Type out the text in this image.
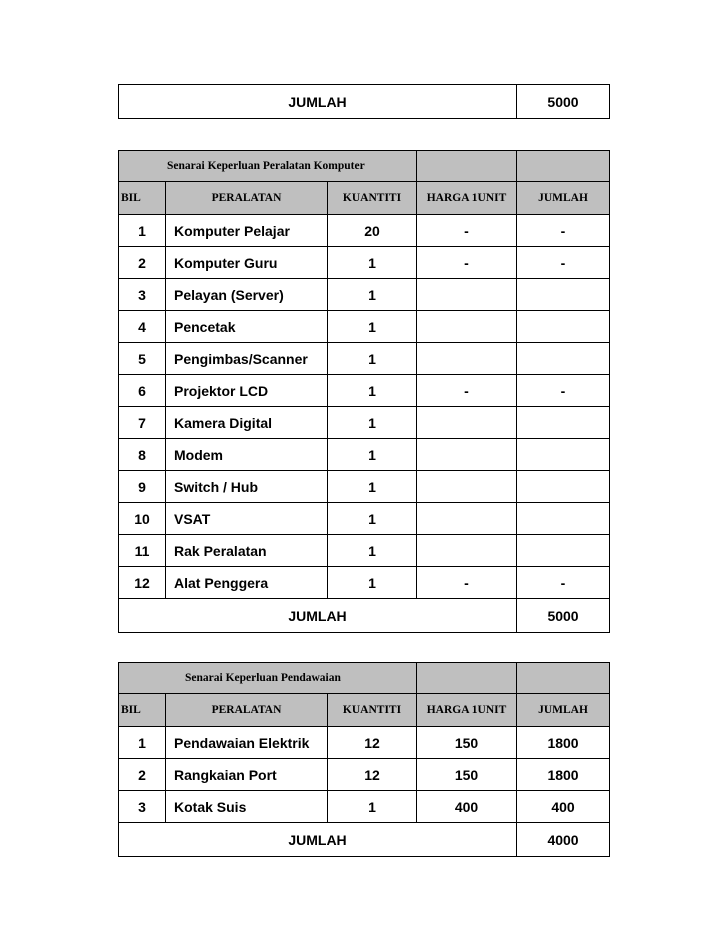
JUMLAH	5000
Senarai Keperluan Peralatan Komputer				
BIL	PERALATAN	KUANTITI	HARGA 1UNIT	JUMLAH
1	Komputer Pelajar	20	-	-
2	Komputer Guru	1	-	-
3	Pelayan (Server)	1		
4	Pencetak	1		
5	Pengimbas/Scanner	1		
6	Projektor LCD	1	-	-
7	Kamera Digital	1		
8	Modem	1		
9	Switch / Hub	1		
10	VSAT	1		
11	Rak Peralatan	1		
12	Alat Penggera	1	-	-
JUMLAH				5000
Senarai Keperluan Pendawaian				
BIL	PERALATAN	KUANTITI	HARGA 1UNIT	JUMLAH
1	Pendawaian Elektrik	12	150	1800
2	Rangkaian Port	12	150	1800
3	Kotak Suis	1	400	400
JUMLAH				4000
